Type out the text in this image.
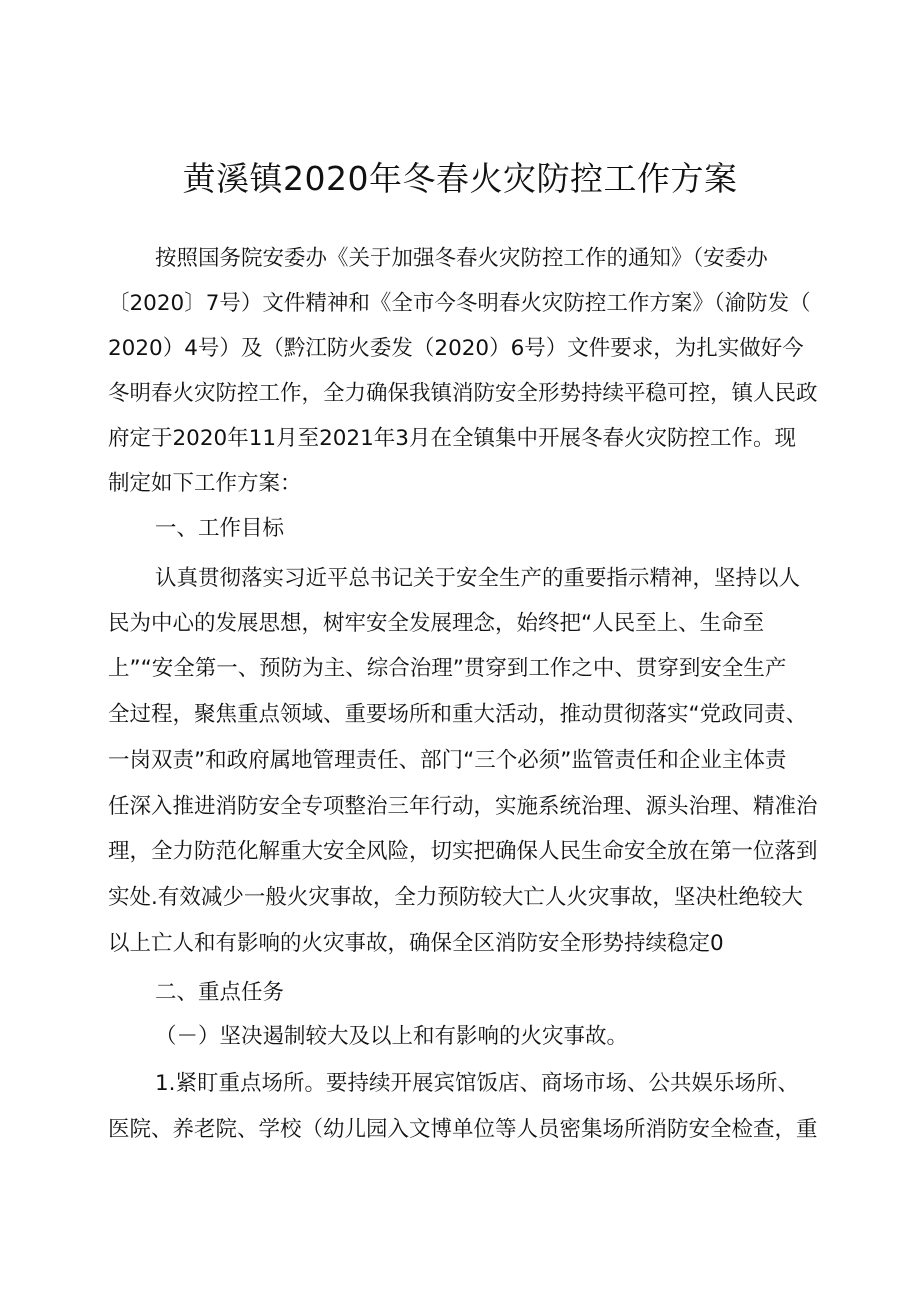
黄溪镇2020年冬春火灾防控工作方案

按照国务院安委办《关于加强冬春火灾防控工作的通知》（安委办

〔2020〕7号）文件精神和《全市今冬明春火灾防控工作方案》（渝防发（

2020）4号）及（黔江防火委发（2020）6号）文件要求，为扎实做好今

冬明春火灾防控工作，全力确保我镇消防安全形势持续平稳可控，镇人民政

府定于2020年11月至2021年3月在全镇集中开展冬春火灾防控工作。现

制定如下工作方案：

一、工作目标

认真贯彻落实习近平总书记关于安全生产的重要指示精神，坚持以人

民为中心的发展思想，树牢安全发展理念，始终把“人民至上、生命至

上”“安全第一、预防为主、综合治理”贯穿到工作之中、贯穿到安全生产

全过程，聚焦重点领域、重要场所和重大活动，推动贯彻落实“党政同责、

一岗双责”和政府属地管理责任、部门“三个必须”监管责任和企业主体责

任深入推进消防安全专项整治三年行动，实施系统治理、源头治理、精准治

理，全力防范化解重大安全风险，切实把确保人民生命安全放在第一位落到

实处.有效减少一般火灾事故，全力预防较大亡人火灾事故，坚决杜绝较大

以上亡人和有影响的火灾事故，确保全区消防安全形势持续稳定0

二、重点任务

（－）坚决遏制较大及以上和有影响的火灾事故。

1.紧盯重点场所。要持续开展宾馆饭店、商场市场、公共娱乐场所、

医院、养老院、学校（幼儿园入文博单位等人员密集场所消防安全检查，重
